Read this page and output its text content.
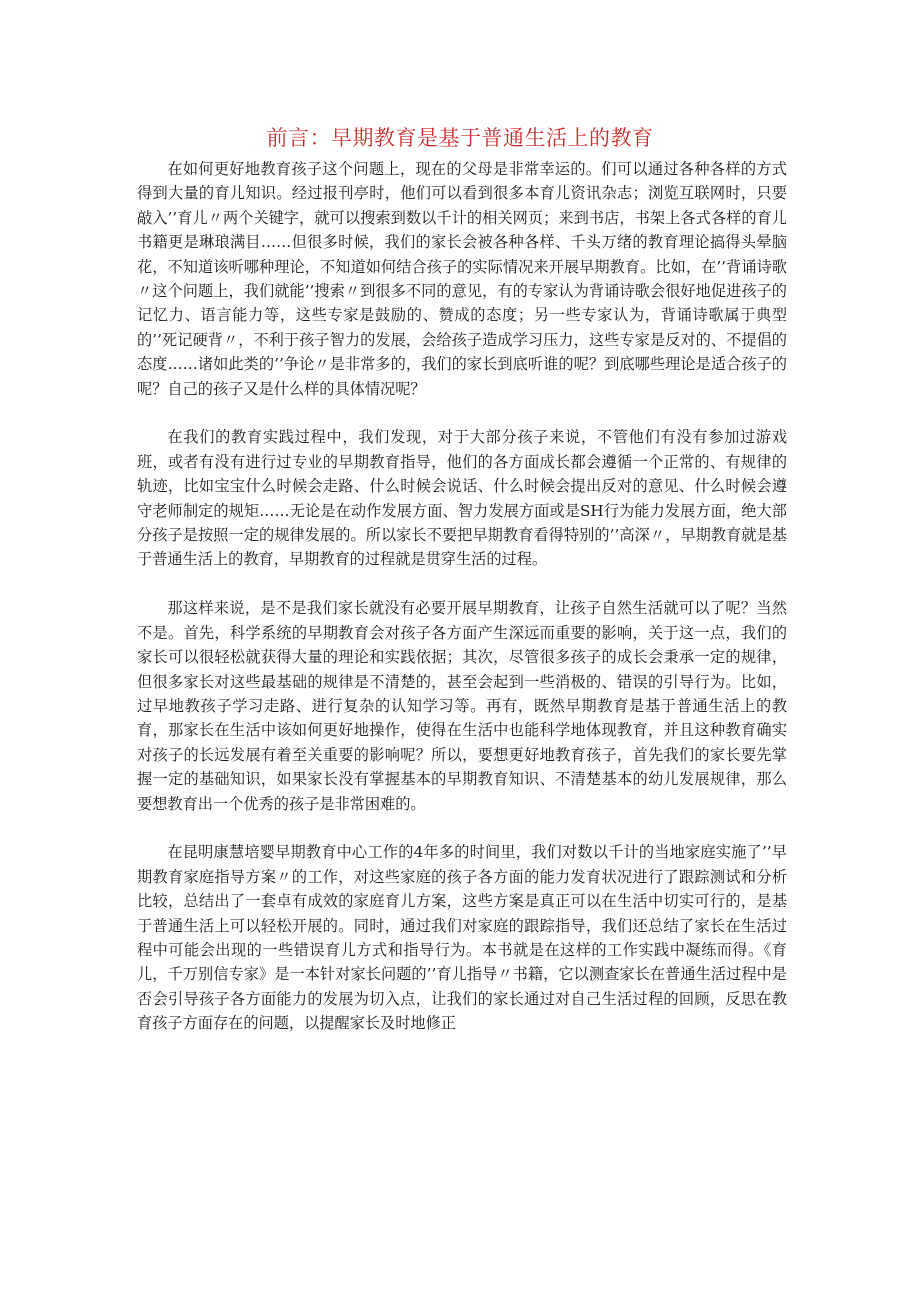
前言：早期教育是基于普通生活上的教育

在如何更好地教育孩子这个问题上，现在的父母是非常幸运的。们可以通过各种各样的方式得到大量的育儿知识。经过报刊亭时，他们可以看到很多本育儿资讯杂志；浏览互联网时，只要敲入’’育儿〃两个关键字，就可以搜索到数以千计的相关网页；来到书店，书架上各式各样的育儿书籍更是琳琅满目……但很多时候，我们的家长会被各种各样、千头万绪的教育理论搞得头晕脑花，不知道该听哪种理论，不知道如何结合孩子的实际情况来开展早期教育。比如，在’’背诵诗歌〃这个问题上，我们就能’’搜索〃到很多不同的意见，有的专家认为背诵诗歌会很好地促进孩子的记忆力、语言能力等，这些专家是鼓励的、赞成的态度；另一些专家认为，背诵诗歌属于典型的’’死记硬背〃，不利于孩子智力的发展，会给孩子造成学习压力，这些专家是反对的、不提倡的态度……诸如此类的’’争论〃是非常多的，我们的家长到底听谁的呢？到底哪些理论是适合孩子的呢？自己的孩子又是什么样的具体情况呢？

在我们的教育实践过程中，我们发现，对于大部分孩子来说，不管他们有没有参加过游戏班，或者有没有进行过专业的早期教育指导，他们的各方面成长都会遵循一个正常的、有规律的轨迹，比如宝宝什么时候会走路、什么时候会说话、什么时候会提出反对的意见、什么时候会遵守老师制定的规矩……无论是在动作发展方面、智力发展方面或是SH行为能力发展方面，绝大部分孩子是按照一定的规律发展的。所以家长不要把早期教育看得特别的’’高深〃，早期教育就是基于普通生活上的教育，早期教育的过程就是贯穿生活的过程。

那这样来说，是不是我们家长就没有必要开展早期教育，让孩子自然生活就可以了呢？当然不是。首先，科学系统的早期教育会对孩子各方面产生深远而重要的影响，关于这一点，我们的家长可以很轻松就获得大量的理论和实践依据；其次，尽管很多孩子的成长会秉承一定的规律，但很多家长对这些最基础的规律是不清楚的，甚至会起到一些消极的、错误的引导行为。比如，过早地教孩子学习走路、进行复杂的认知学习等。再有，既然早期教育是基于普通生活上的教育，那家长在生活中该如何更好地操作，使得在生活中也能科学地体现教育，并且这种教育确实对孩子的长远发展有着至关重要的影响呢？所以，要想更好地教育孩子，首先我们的家长要先掌握一定的基础知识，如果家长没有掌握基本的早期教育知识、不清楚基本的幼儿发展规律，那么要想教育出一个优秀的孩子是非常困难的。

在昆明康慧培婴早期教育中心工作的4年多的时间里，我们对数以千计的当地家庭实施了’’早期教育家庭指导方案〃的工作，对这些家庭的孩子各方面的能力发育状况进行了跟踪测试和分析比较，总结出了一套卓有成效的家庭育儿方案，这些方案是真正可以在生活中切实可行的，是基于普通生活上可以轻松开展的。同时，通过我们对家庭的跟踪指导，我们还总结了家长在生活过程中可能会出现的一些错误育儿方式和指导行为。本书就是在这样的工作实践中凝练而得。《育儿，千万别信专家》是一本针对家长问题的’’育儿指导〃书籍，它以测查家长在普通生活过程中是否会引导孩子各方面能力的发展为切入点，让我们的家长通过对自己生活过程的回顾，反思在教育孩子方面存在的问题，以提醒家长及时地修正
